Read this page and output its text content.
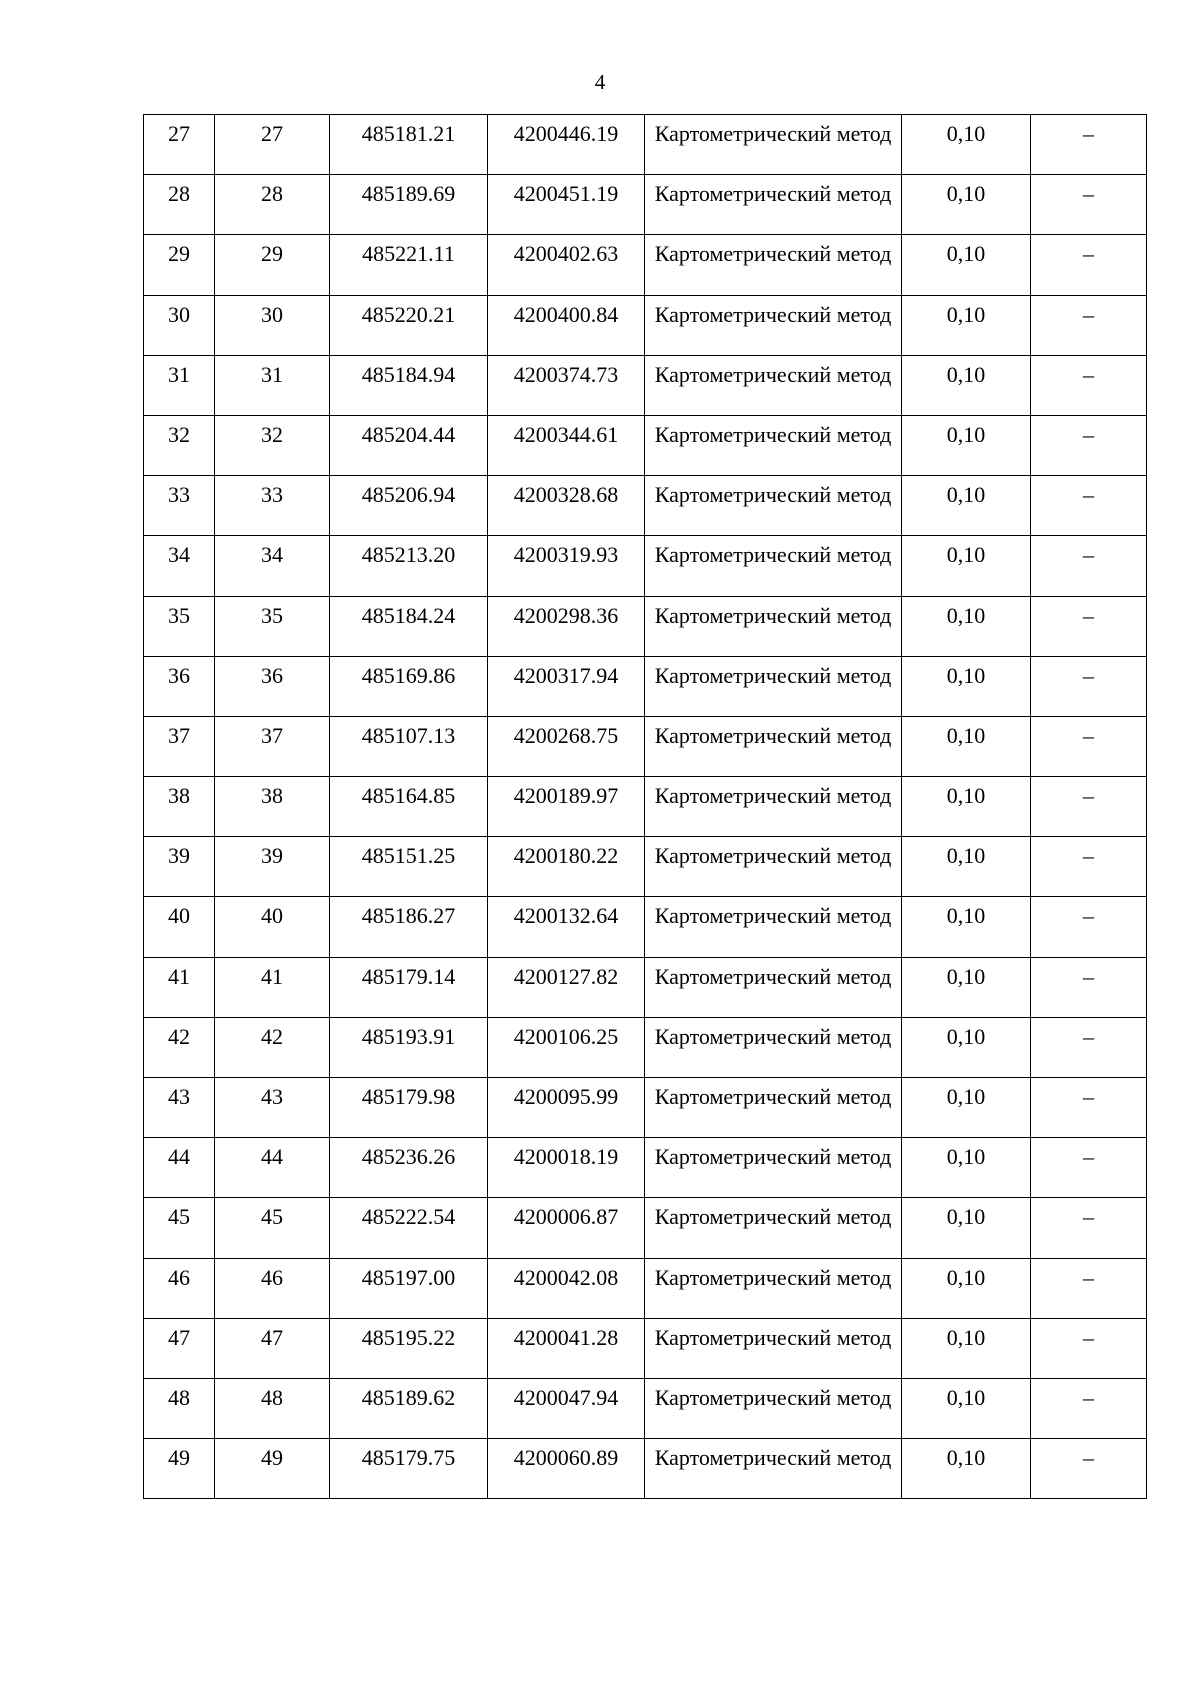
4
27	27	485181.21	4200446.19	Картометрический метод	0,10	–
28	28	485189.69	4200451.19	Картометрический метод	0,10	–
29	29	485221.11	4200402.63	Картометрический метод	0,10	–
30	30	485220.21	4200400.84	Картометрический метод	0,10	–
31	31	485184.94	4200374.73	Картометрический метод	0,10	–
32	32	485204.44	4200344.61	Картометрический метод	0,10	–
33	33	485206.94	4200328.68	Картометрический метод	0,10	–
34	34	485213.20	4200319.93	Картометрический метод	0,10	–
35	35	485184.24	4200298.36	Картометрический метод	0,10	–
36	36	485169.86	4200317.94	Картометрический метод	0,10	–
37	37	485107.13	4200268.75	Картометрический метод	0,10	–
38	38	485164.85	4200189.97	Картометрический метод	0,10	–
39	39	485151.25	4200180.22	Картометрический метод	0,10	–
40	40	485186.27	4200132.64	Картометрический метод	0,10	–
41	41	485179.14	4200127.82	Картометрический метод	0,10	–
42	42	485193.91	4200106.25	Картометрический метод	0,10	–
43	43	485179.98	4200095.99	Картометрический метод	0,10	–
44	44	485236.26	4200018.19	Картометрический метод	0,10	–
45	45	485222.54	4200006.87	Картометрический метод	0,10	–
46	46	485197.00	4200042.08	Картометрический метод	0,10	–
47	47	485195.22	4200041.28	Картометрический метод	0,10	–
48	48	485189.62	4200047.94	Картометрический метод	0,10	–
49	49	485179.75	4200060.89	Картометрический метод	0,10	–
